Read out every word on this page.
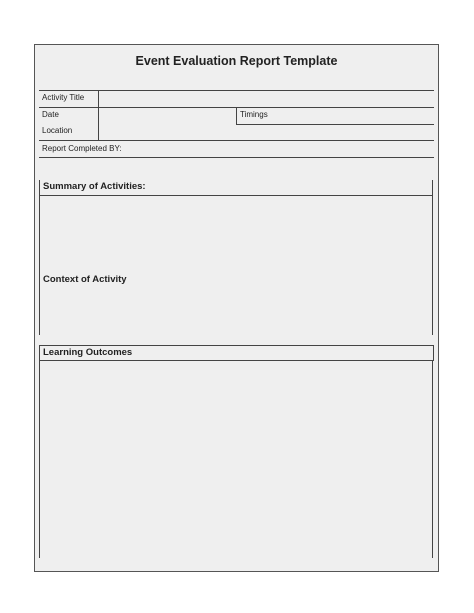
Event Evaluation Report Template
Activity Title
Date	Timings
Location
Report Completed BY:
Summary of Activities:
Context of Activity
Learning Outcomes
